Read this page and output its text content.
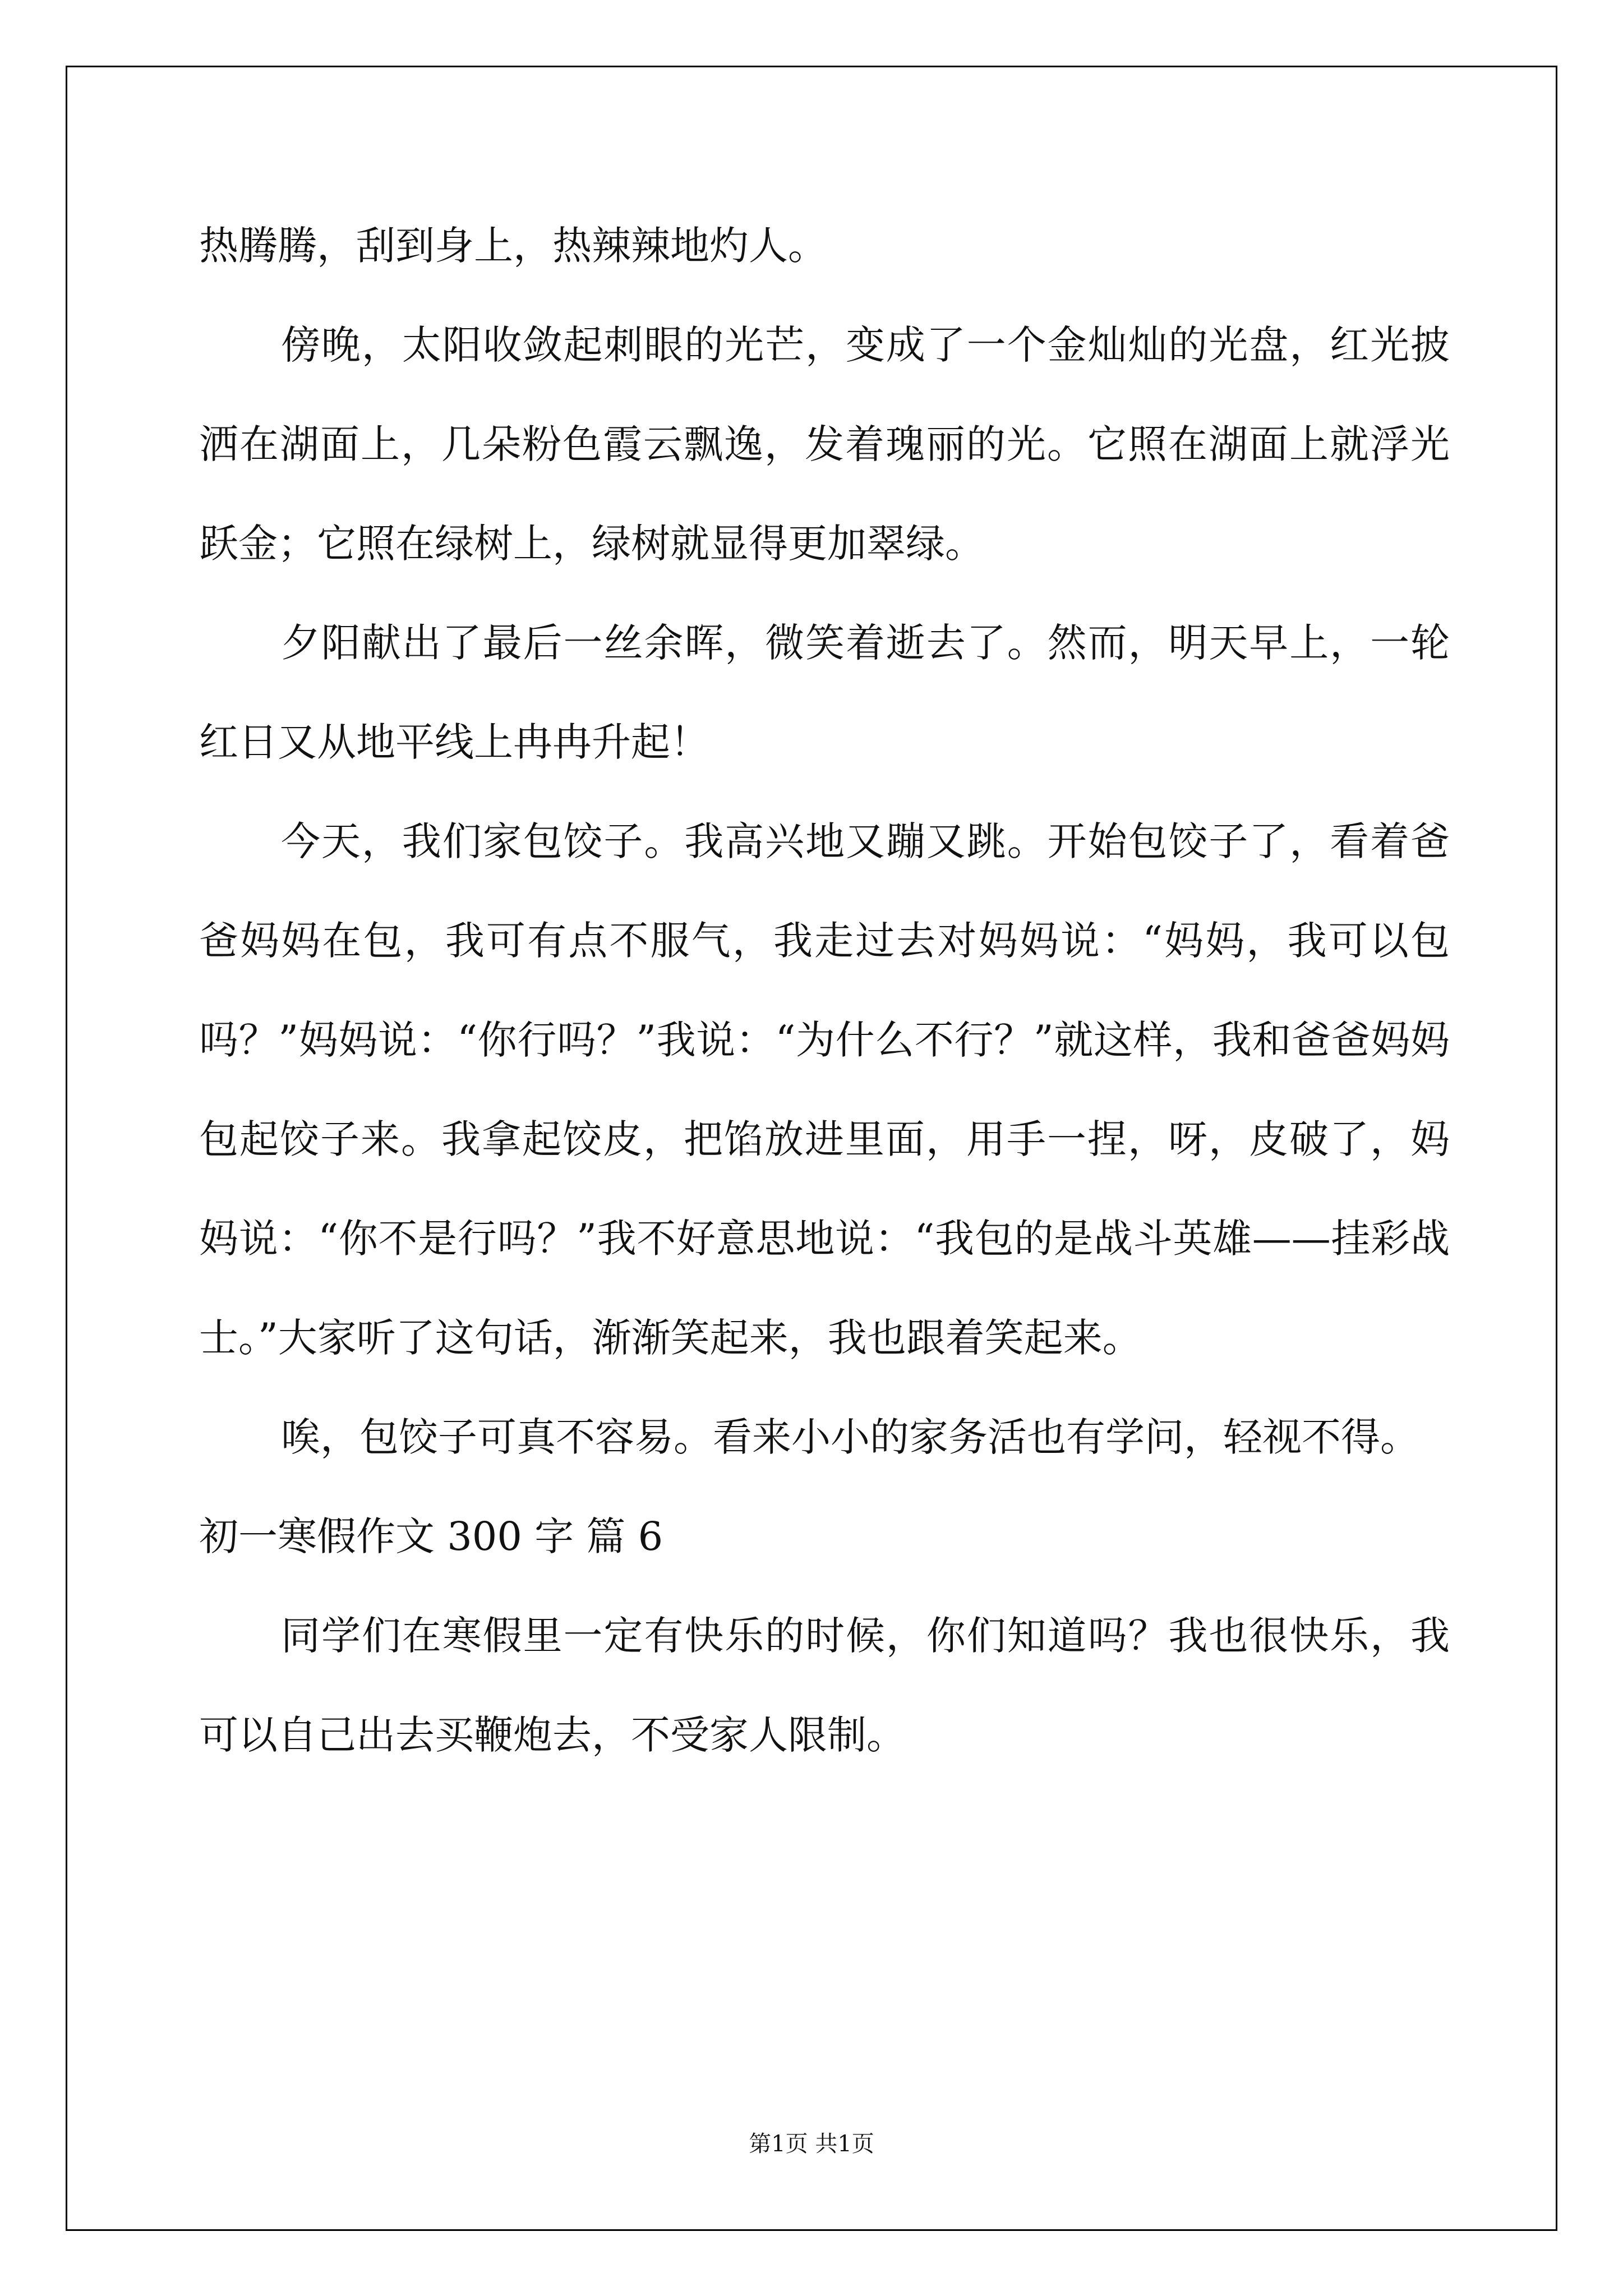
热腾腾，刮到身上，热辣辣地灼人。

傍晚，太阳收敛起刺眼的光芒，变成了一个金灿灿的光盘，红光披洒在湖面上，几朵粉色霞云飘逸，发着瑰丽的光。它照在湖面上就浮光跃金；它照在绿树上，绿树就显得更加翠绿。

夕阳献出了最后一丝余晖，微笑着逝去了。然而，明天早上，一轮红日又从地平线上冉冉升起！

今天，我们家包饺子。我高兴地又蹦又跳。开始包饺子了，看着爸爸妈妈在包，我可有点不服气，我走过去对妈妈说：“妈妈，我可以包吗？”妈妈说：“你行吗？”我说：“为什么不行？”就这样，我和爸爸妈妈包起饺子来。我拿起饺皮，把馅放进里面，用手一捏，呀，皮破了，妈妈说：“你不是行吗？”我不好意思地说：“我包的是战斗英雄——挂彩战士。”大家听了这句话，渐渐笑起来，我也跟着笑起来。

唉，包饺子可真不容易。看来小小的家务活也有学问，轻视不得。

初一寒假作文 300 字 篇 6

同学们在寒假里一定有快乐的时候，你们知道吗？我也很快乐，我可以自己出去买鞭炮去，不受家人限制。

第1页 共1页
